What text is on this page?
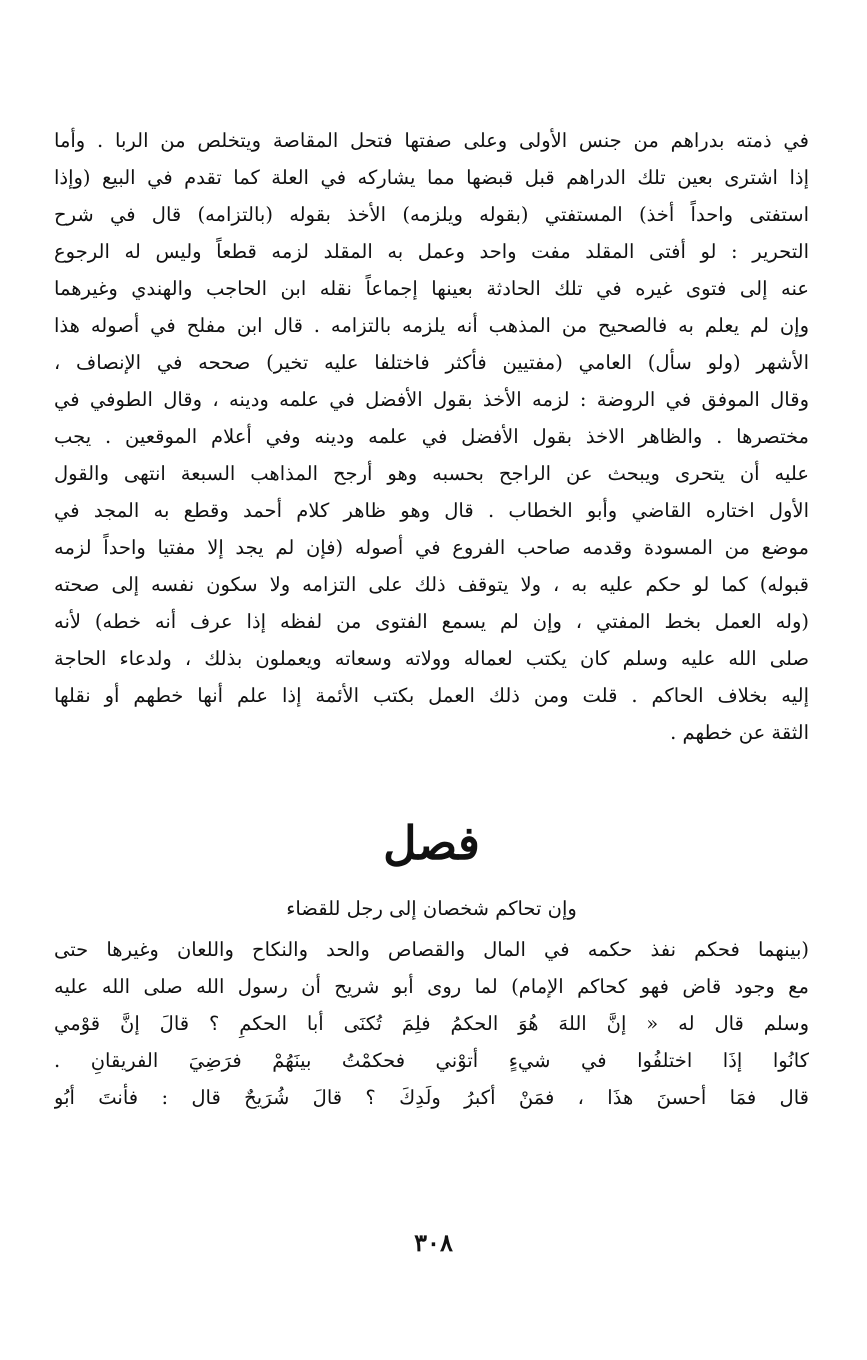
في ذمته بدراهم من جنس الأولى وعلى صفتها فتحل المقاصة ويتخلص من الربا . وأما
إذا اشترى بعين تلك الدراهم قبل قبضها مما يشاركه في العلة كما تقدم في البيع (وإذا
استفتى واحداً أخذ) المستفتي (بقوله ويلزمه) الأخذ بقوله (بالتزامه) قال في شرح
التحرير : لو أفتى المقلد مفت واحد وعمل به المقلد لزمه قطعاً وليس له الرجوع
عنه إلى فتوى غيره في تلك الحادثة بعينها إجماعاً نقله ابن الحاجب والهندي وغيرهما
وإن لم يعلم به فالصحيح من المذهب أنه يلزمه بالتزامه . قال ابن مفلح في أصوله هذا
الأشهر (ولو سأل) العامي (مفتيين فأكثر فاختلفا عليه تخير) صححه في الإنصاف ،
وقال الموفق في الروضة : لزمه الأخذ بقول الأفضل في علمه ودينه ، وقال الطوفي في
مختصرها . والظاهر الاخذ بقول الأفضل في علمه ودينه وفي أعلام الموقعين . يجب
عليه أن يتحرى ويبحث عن الراجح بحسبه وهو أرجح المذاهب السبعة انتهى والقول
الأول اختاره القاضي وأبو الخطاب . قال وهو ظاهر كلام أحمد وقطع به المجد في
موضع من المسودة وقدمه صاحب الفروع في أصوله (فإن لم يجد إلا مفتيا واحداً لزمه
قبوله) كما لو حكم عليه به ، ولا يتوقف ذلك على التزامه ولا سكون نفسه إلى صحته
(وله العمل بخط المفتي ، وإن لم يسمع الفتوى من لفظه إذا عرف أنه خطه) لأنه
صلى الله عليه وسلم كان يكتب لعماله وولاته وسعاته ويعملون بذلك ، ولدعاء الحاجة
إليه بخلاف الحاكم . قلت ومن ذلك العمل بكتب الأئمة إذا علم أنها خطهم أو نقلها
الثقة عن خطهم .
فصل
وإن تحاكم شخصان إلى رجل للقضاء
(بينهما فحكم نفذ حكمه في المال والقصاص والحد والنكاح واللعان وغيرها حتى
مع وجود قاض فهو كحاكم الإمام) لما روى أبو شريح أن رسول الله صلى الله عليه
وسلم قال له « إنَّ اللهَ هُوَ الحكمُ فلِمَ تُكنَى أبا الحكمِ ؟ قالَ إنَّ قوْمي
كانُوا إذَا اختلفُوا في شيءٍ أتوْني فحكمْتُ بينَهُمْ فرَضِيَ الفريقانِ .
قال فمَا أحسنَ هذَا ، فمَنْ أكبرُ ولَدِكَ ؟ قالَ شُرَيحٌ قال : فأنتَ أبُو
٣٠٨
